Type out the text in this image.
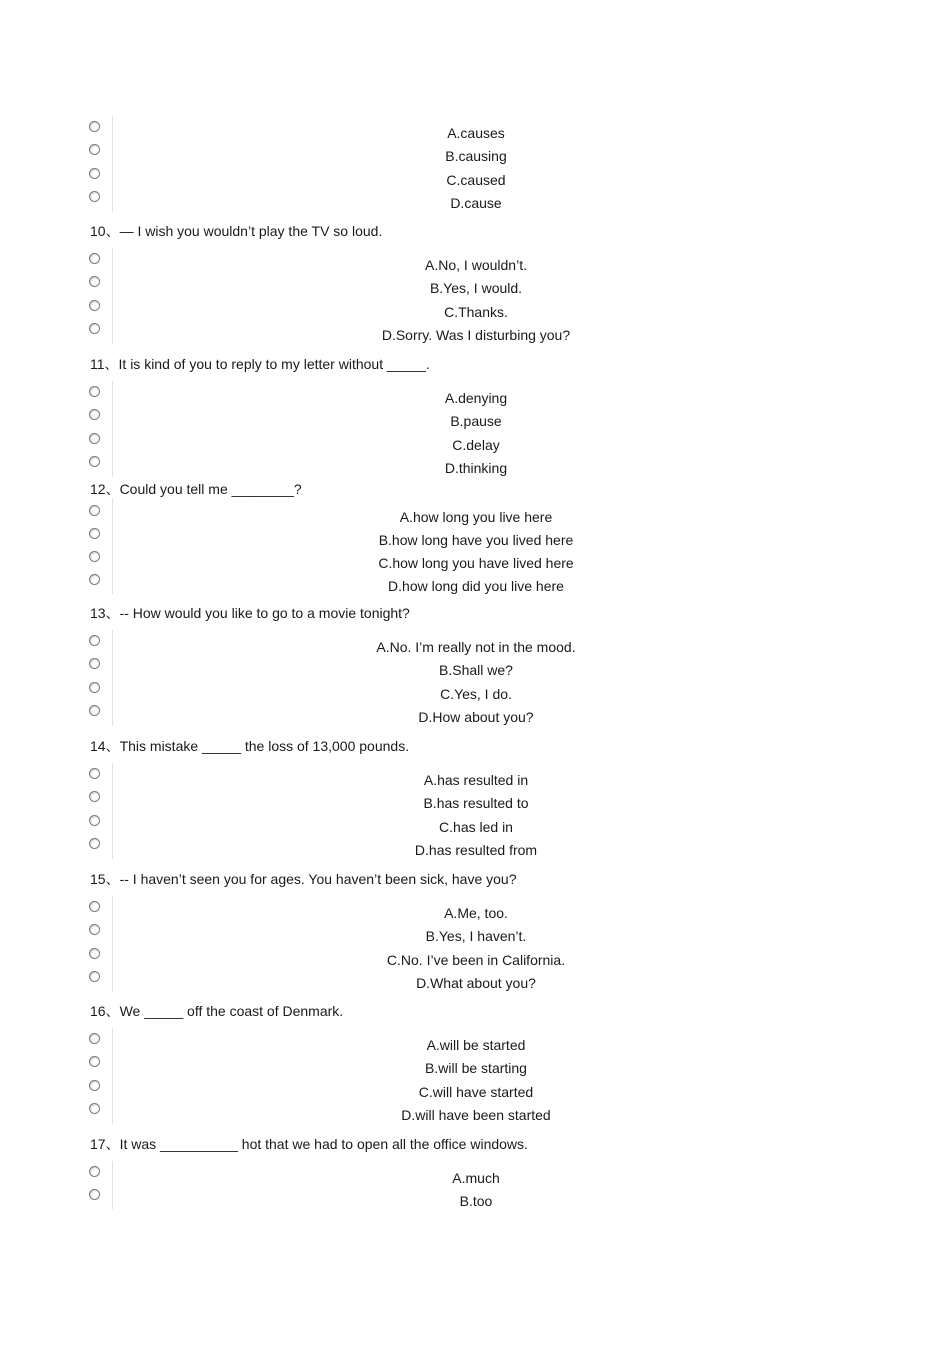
A.causes
B.causing
C.caused
D.cause
10、— I wish you wouldn’t play the TV so loud.
A.No, I wouldn’t.
B.Yes, I would.
C.Thanks.
D.Sorry. Was I disturbing you?
11、It is kind of you to reply to my letter without _____.
A.denying
B.pause
C.delay
D.thinking
12、Could you tell me ________?
A.how long you live here
B.how long have you lived here
C.how long you have lived here
D.how long did you live here
13、-- How would you like to go to a movie tonight?
A.No. I’m really not in the mood.
B.Shall we?
C.Yes, I do.
D.How about you?
14、This mistake _____ the loss of 13,000 pounds.
A.has resulted in
B.has resulted to
C.has led in
D.has resulted from
15、-- I haven’t seen you for ages. You haven’t been sick, have you?
A.Me, too.
B.Yes, I haven’t.
C.No. I’ve been in California.
D.What about you?
16、We _____ off the coast of Denmark.
A.will be started
B.will be starting
C.will have started
D.will have been started
17、It was __________ hot that we had to open all the office windows.
A.much
B.too
